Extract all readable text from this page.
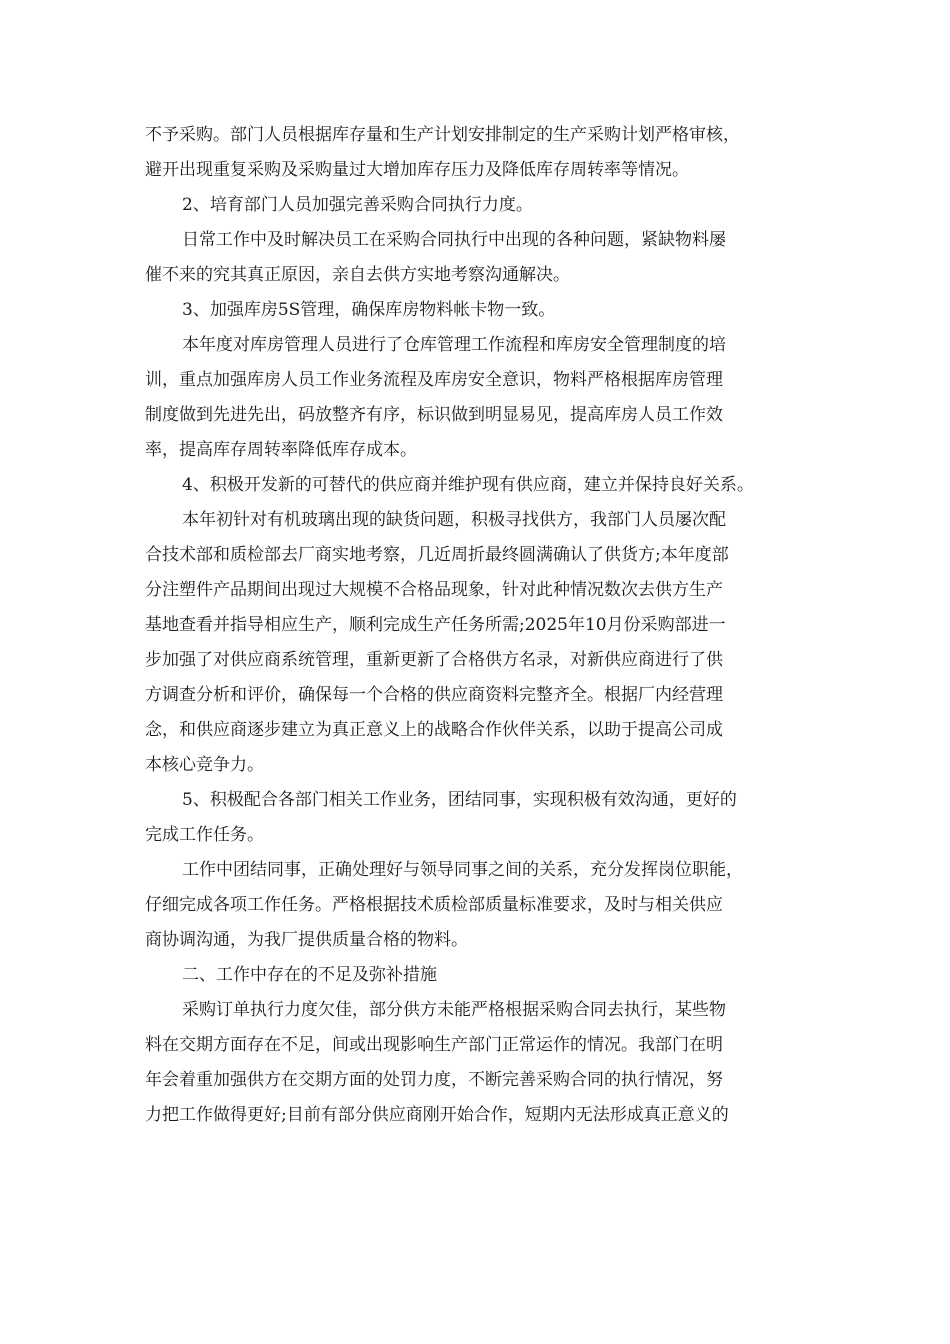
不予采购。部门人员根据库存量和生产计划安排制定的生产采购计划严格审核，
避开出现重复采购及采购量过大增加库存压力及降低库存周转率等情况。
2、培育部门人员加强完善采购合同执行力度。
日常工作中及时解决员工在采购合同执行中出现的各种问题，紧缺物料屡
催不来的究其真正原因，亲自去供方实地考察沟通解决。
3、加强库房5S管理，确保库房物料帐卡物一致。
本年度对库房管理人员进行了仓库管理工作流程和库房安全管理制度的培
训，重点加强库房人员工作业务流程及库房安全意识，物料严格根据库房管理
制度做到先进先出，码放整齐有序，标识做到明显易见，提高库房人员工作效
率，提高库存周转率降低库存成本。
4、积极开发新的可替代的供应商并维护现有供应商，建立并保持良好关系。
本年初针对有机玻璃出现的缺货问题，积极寻找供方，我部门人员屡次配
合技术部和质检部去厂商实地考察，几近周折最终圆满确认了供货方;本年度部
分注塑件产品期间出现过大规模不合格品现象，针对此种情况数次去供方生产
基地查看并指导相应生产，顺利完成生产任务所需;2025年10月份采购部进一
步加强了对供应商系统管理，重新更新了合格供方名录，对新供应商进行了供
方调查分析和评价，确保每一个合格的供应商资料完整齐全。根据厂内经营理
念，和供应商逐步建立为真正意义上的战略合作伙伴关系，以助于提高公司成
本核心竞争力。
5、积极配合各部门相关工作业务，团结同事，实现积极有效沟通，更好的
完成工作任务。
工作中团结同事，正确处理好与领导同事之间的关系，充分发挥岗位职能，
仔细完成各项工作任务。严格根据技术质检部质量标准要求，及时与相关供应
商协调沟通，为我厂提供质量合格的物料。
二、工作中存在的不足及弥补措施
采购订单执行力度欠佳，部分供方未能严格根据采购合同去执行，某些物
料在交期方面存在不足，间或出现影响生产部门正常运作的情况。我部门在明
年会着重加强供方在交期方面的处罚力度，不断完善采购合同的执行情况，努
力把工作做得更好;目前有部分供应商刚开始合作，短期内无法形成真正意义的
